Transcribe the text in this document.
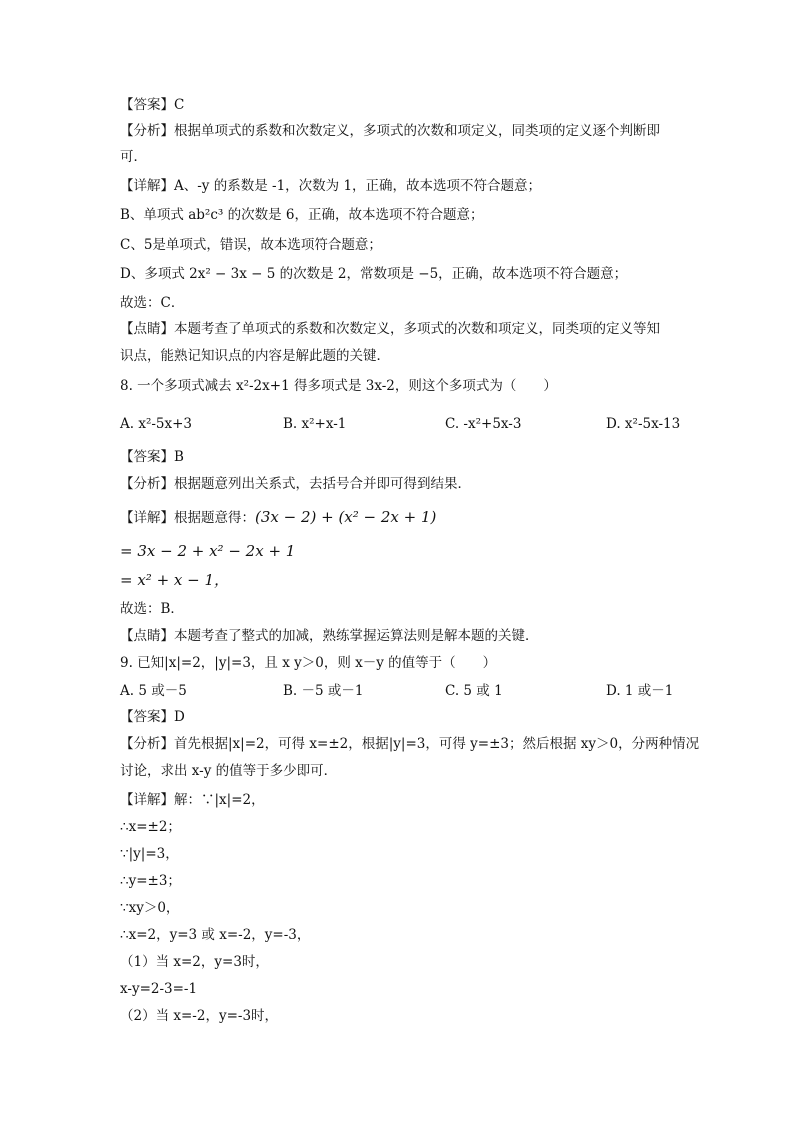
【答案】C
【分析】根据单项式的系数和次数定义，多项式的次数和项定义，同类项的定义逐个判断即
可．
【详解】A、-y 的系数是 -1，次数为 1，正确，故本选项不符合题意；
B、单项式 ab²c³ 的次数是 6，正确，故本选项不符合题意；
C、5是单项式，错误，故本选项符合题意；
D、多项式 2x² − 3x − 5 的次数是 2，常数项是 −5，正确，故本选项不符合题意；
故选：C．
【点睛】本题考查了单项式的系数和次数定义，多项式的次数和项定义，同类项的定义等知
识点，能熟记知识点的内容是解此题的关键．
8. 一个多项式减去 x²-2x+1 得多项式是 3x-2，则这个多项式为（　　）
A. x²-5x+3	B. x²+x-1	C. -x²+5x-3	D. x²-5x-13
【答案】B
【分析】根据题意列出关系式，去括号合并即可得到结果．
【详解】根据题意得：(3x − 2) + (x² − 2x + 1)
= 3x − 2 + x² − 2x + 1
= x² + x − 1，
故选：B．
【点睛】本题考查了整式的加减，熟练掌握运算法则是解本题的关键．
9. 已知|x|=2，|y|=3，且 x y＞0，则 x－y 的值等于（　　）
A. 5 或－5	B. －5 或－1	C. 5 或 1	D. 1 或－1
【答案】D
【分析】首先根据|x|=2，可得 x=±2，根据|y|=3，可得 y=±3；然后根据 xy＞0，分两种情况
讨论，求出 x-y 的值等于多少即可．
【详解】解：∵|x|=2，
∴x=±2；
∵|y|=3，
∴y=±3；
∵xy＞0，
∴x=2，y=3 或 x=-2，y=-3，
（1）当 x=2，y=3时，
x-y=2-3=-1
（2）当 x=-2，y=-3时，
